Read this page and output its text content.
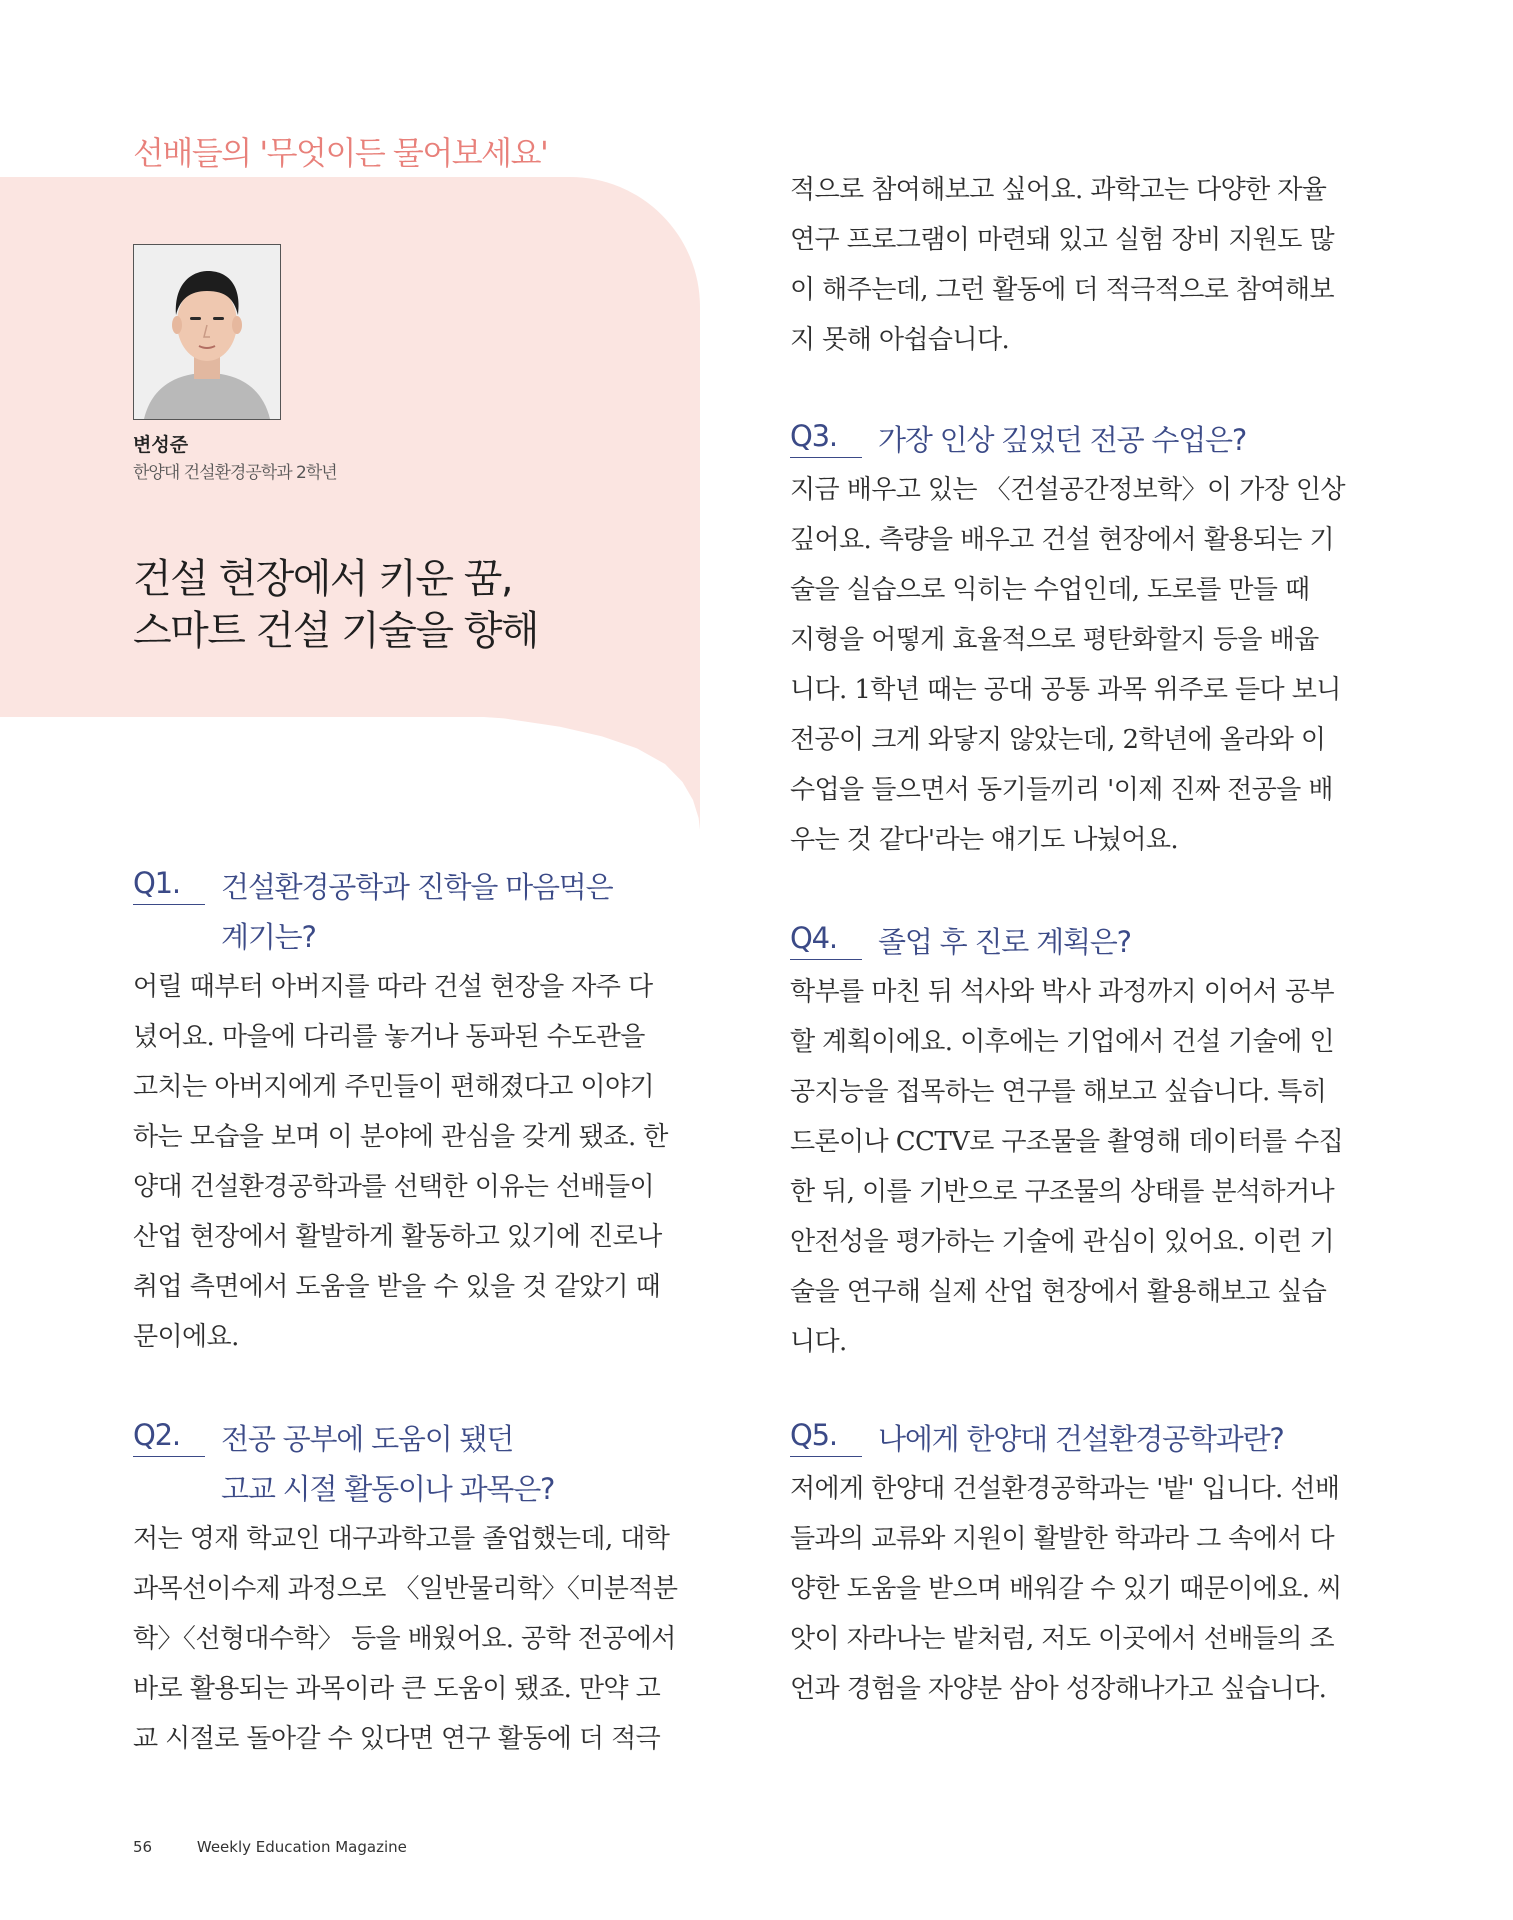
선배들의 '무엇이든 물어보세요'

변성준

한양대 건설환경공학과 2학년

건설 현장에서 키운 꿈,
스마트 건설 기술을 향해
Q1.	건설환경공학과 진학을 마음먹은
계기는?

어릴 때부터 아버지를 따라 건설 현장을 자주 다
녔어요. 마을에 다리를 놓거나 동파된 수도관을
고치는 아버지에게 주민들이 편해졌다고 이야기
하는 모습을 보며 이 분야에 관심을 갖게 됐죠. 한
양대 건설환경공학과를 선택한 이유는 선배들이
산업 현장에서 활발하게 활동하고 있기에 진로나
취업 측면에서 도움을 받을 수 있을 것 같았기 때
문이에요.

Q2.	전공 공부에 도움이 됐던
고교 시절 활동이나 과목은?

저는 영재 학교인 대구과학고를 졸업했는데, 대학
과목선이수제 과정으로 〈일반물리학〉〈미분적분
학〉〈선형대수학〉 등을 배웠어요. 공학 전공에서
바로 활용되는 과목이라 큰 도움이 됐죠. 만약 고
교 시절로 돌아갈 수 있다면 연구 활동에 더 적극

적으로 참여해보고 싶어요. 과학고는 다양한 자율
연구 프로그램이 마련돼 있고 실험 장비 지원도 많
이 해주는데, 그런 활동에 더 적극적으로 참여해보
지 못해 아쉽습니다.

Q3.	가장 인상 깊었던 전공 수업은?

지금 배우고 있는 〈건설공간정보학〉이 가장 인상
깊어요. 측량을 배우고 건설 현장에서 활용되는 기
술을 실습으로 익히는 수업인데, 도로를 만들 때
지형을 어떻게 효율적으로 평탄화할지 등을 배웁
니다. 1학년 때는 공대 공통 과목 위주로 듣다 보니
전공이 크게 와닿지 않았는데, 2학년에 올라와 이
수업을 들으면서 동기들끼리 '이제 진짜 전공을 배
우는 것 같다'라는 얘기도 나눴어요.

Q4.	졸업 후 진로 계획은?

학부를 마친 뒤 석사와 박사 과정까지 이어서 공부
할 계획이에요. 이후에는 기업에서 건설 기술에 인
공지능을 접목하는 연구를 해보고 싶습니다. 특히
드론이나 CCTV로 구조물을 촬영해 데이터를 수집
한 뒤, 이를 기반으로 구조물의 상태를 분석하거나
안전성을 평가하는 기술에 관심이 있어요. 이런 기
술을 연구해 실제 산업 현장에서 활용해보고 싶습
니다.

Q5.	나에게 한양대 건설환경공학과란?

저에게 한양대 건설환경공학과는 '밭' 입니다. 선배
들과의 교류와 지원이 활발한 학과라 그 속에서 다
양한 도움을 받으며 배워갈 수 있기 때문이에요. 씨
앗이 자라나는 밭처럼, 저도 이곳에서 선배들의 조
언과 경험을 자양분 삼아 성장해나가고 싶습니다.

56	Weekly Education Magazine
